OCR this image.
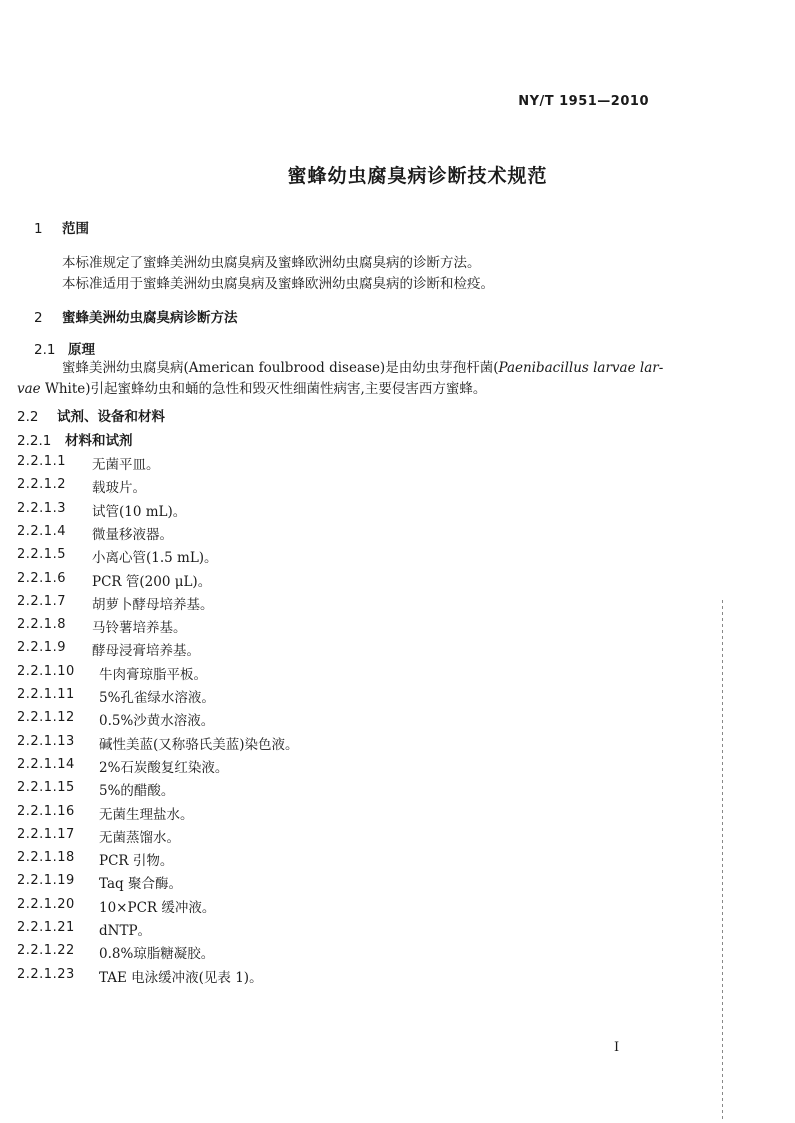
NY/T 1951—2010
蜜蜂幼虫腐臭病诊断技术规范
1 范围
本标准规定了蜜蜂美洲幼虫腐臭病及蜜蜂欧洲幼虫腐臭病的诊断方法。
本标准适用于蜜蜂美洲幼虫腐臭病及蜜蜂欧洲幼虫腐臭病的诊断和检疫。
2 蜜蜂美洲幼虫腐臭病诊断方法
2.1 原理
蜜蜂美洲幼虫腐臭病(American foulbrood disease)是由幼虫芽孢杆菌(Paenibacillus larvae lar-
vae White)引起蜜蜂幼虫和蛹的急性和毁灭性细菌性病害,主要侵害西方蜜蜂。
2.2 试剂、设备和材料
2.2.1 材料和试剂
2.2.1.1 无菌平皿。
2.2.1.2 载玻片。
2.2.1.3 试管(10 mL)。
2.2.1.4 微量移液器。
2.2.1.5 小离心管(1.5 mL)。
2.2.1.6 PCR 管(200 μL)。
2.2.1.7 胡萝卜酵母培养基。
2.2.1.8 马铃薯培养基。
2.2.1.9 酵母浸膏培养基。
2.2.1.10 牛肉膏琼脂平板。
2.2.1.11 5%孔雀绿水溶液。
2.2.1.12 0.5%沙黄水溶液。
2.2.1.13 碱性美蓝(又称骆氏美蓝)染色液。
2.2.1.14 2%石炭酸复红染液。
2.2.1.15 5%的醋酸。
2.2.1.16 无菌生理盐水。
2.2.1.17 无菌蒸馏水。
2.2.1.18 PCR 引物。
2.2.1.19 Taq 聚合酶。
2.2.1.20 10×PCR 缓冲液。
2.2.1.21 dNTP。
2.2.1.22 0.8%琼脂糖凝胶。
2.2.1.23 TAE 电泳缓冲液(见表 1)。
I
